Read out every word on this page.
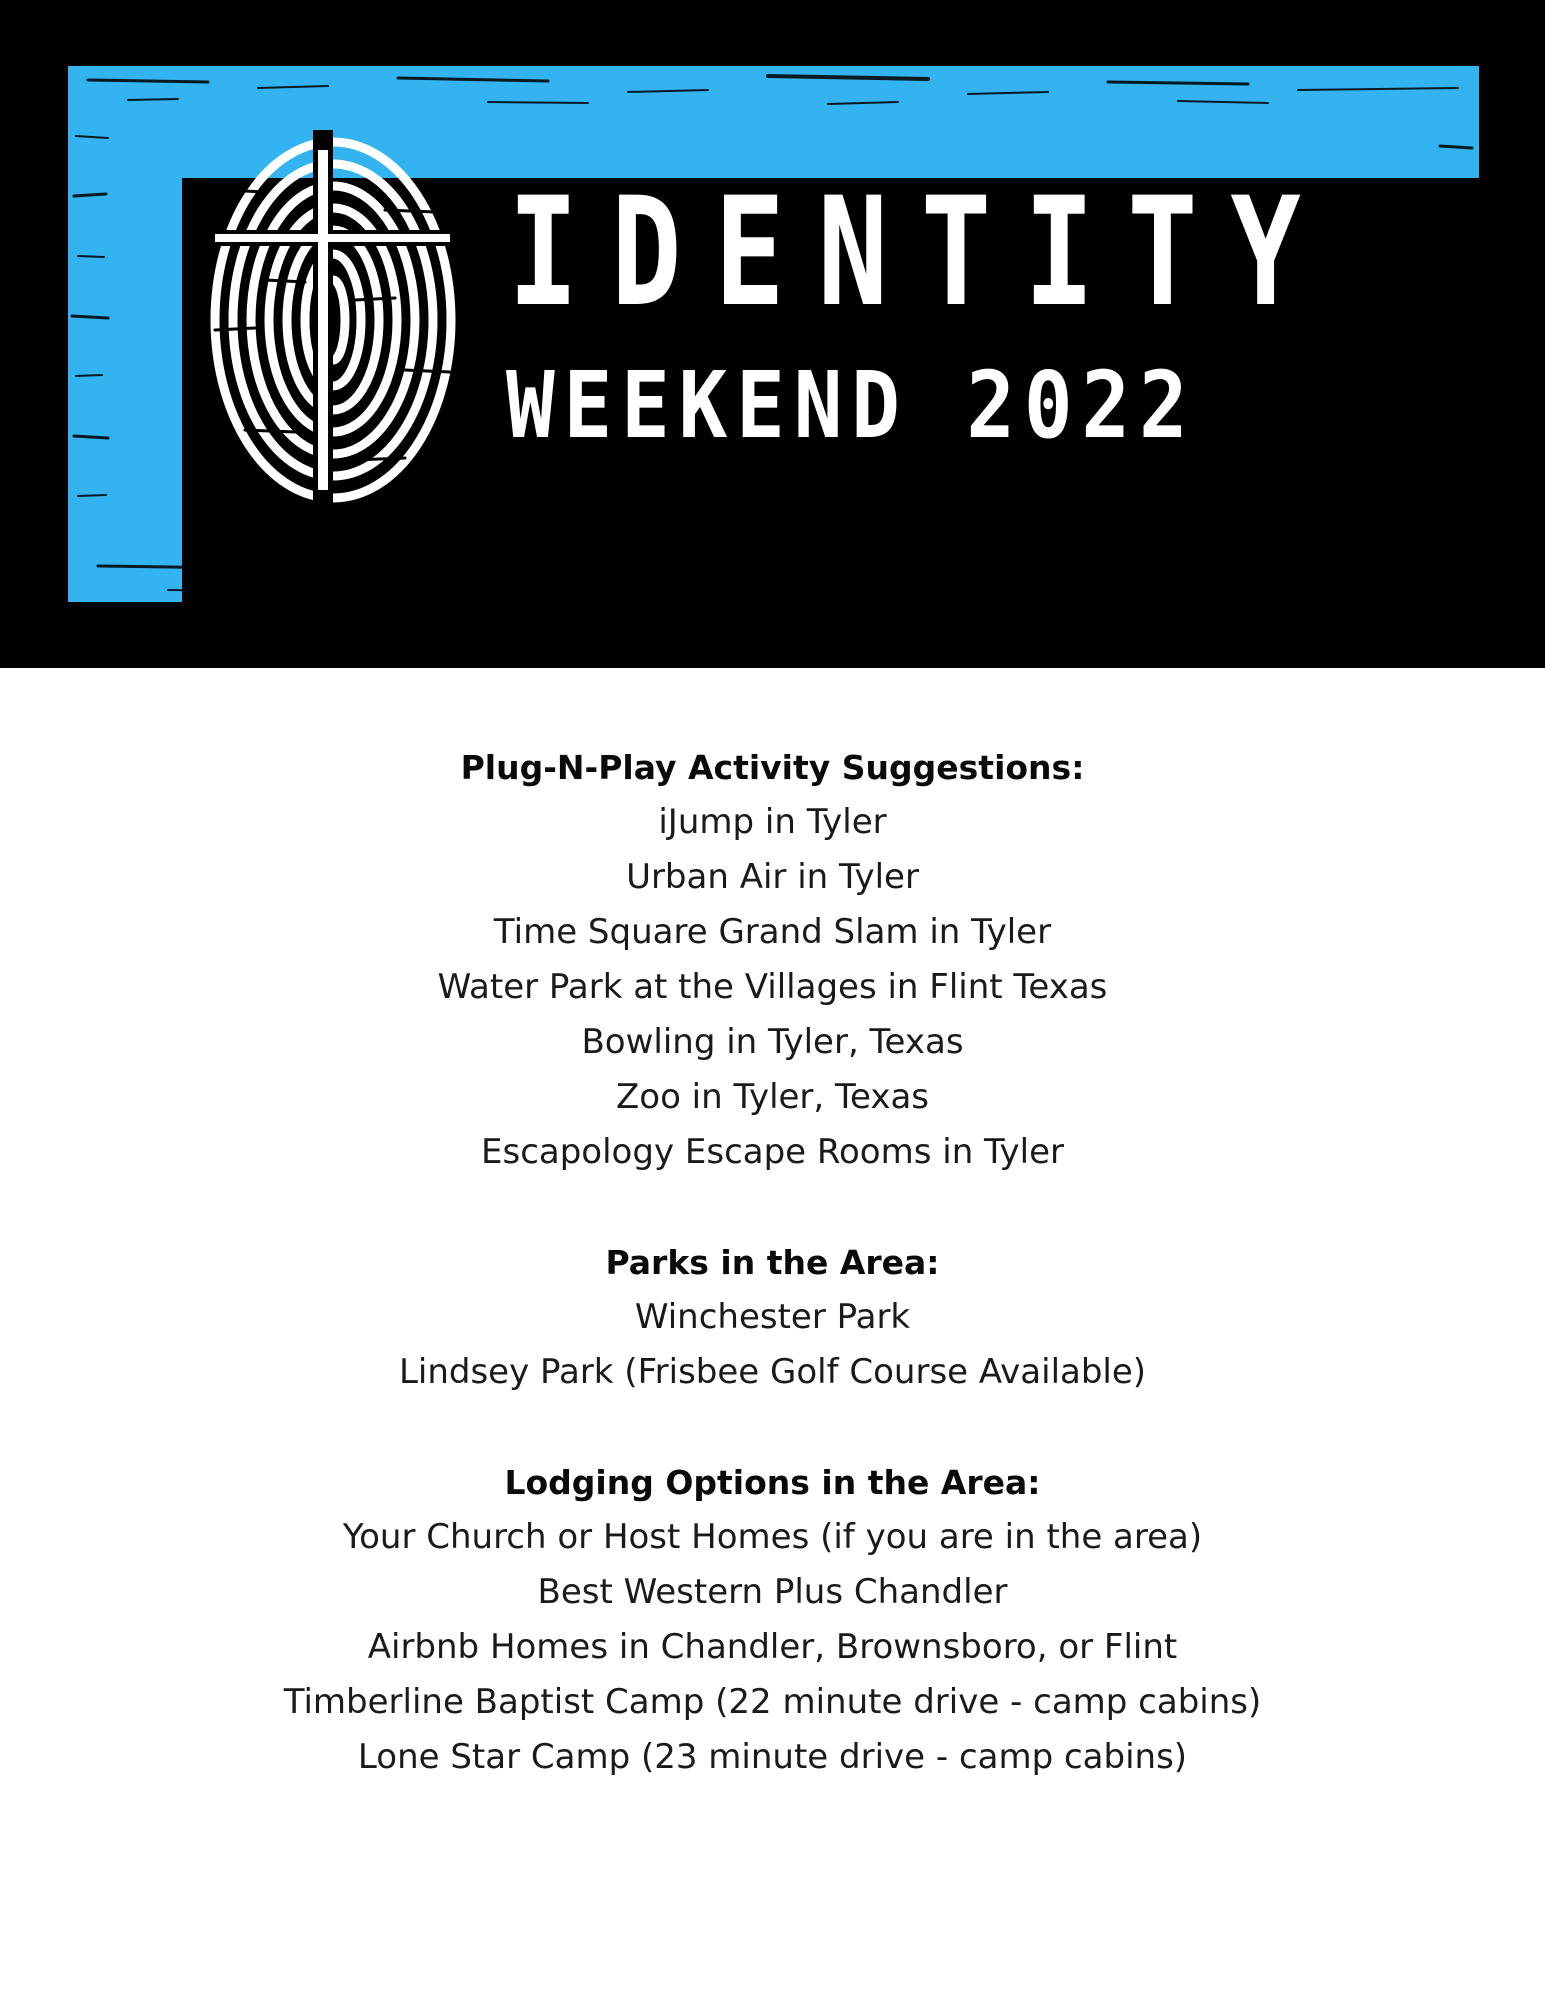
IDENTITY
WEEKEND 2022
Plug-N-Play Activity Suggestions:
iJump in Tyler
Urban Air in Tyler
Time Square Grand Slam in Tyler
Water Park at the Villages in Flint Texas
Bowling in Tyler, Texas
Zoo in Tyler, Texas
Escapology Escape Rooms in Tyler
Parks in the Area:
Winchester Park
Lindsey Park (Frisbee Golf Course Available)
Lodging Options in the Area:
Your Church or Host Homes (if you are in the area)
Best Western Plus Chandler
Airbnb Homes in Chandler, Brownsboro, or Flint
Timberline Baptist Camp (22 minute drive - camp cabins)
Lone Star Camp (23 minute drive - camp cabins)
